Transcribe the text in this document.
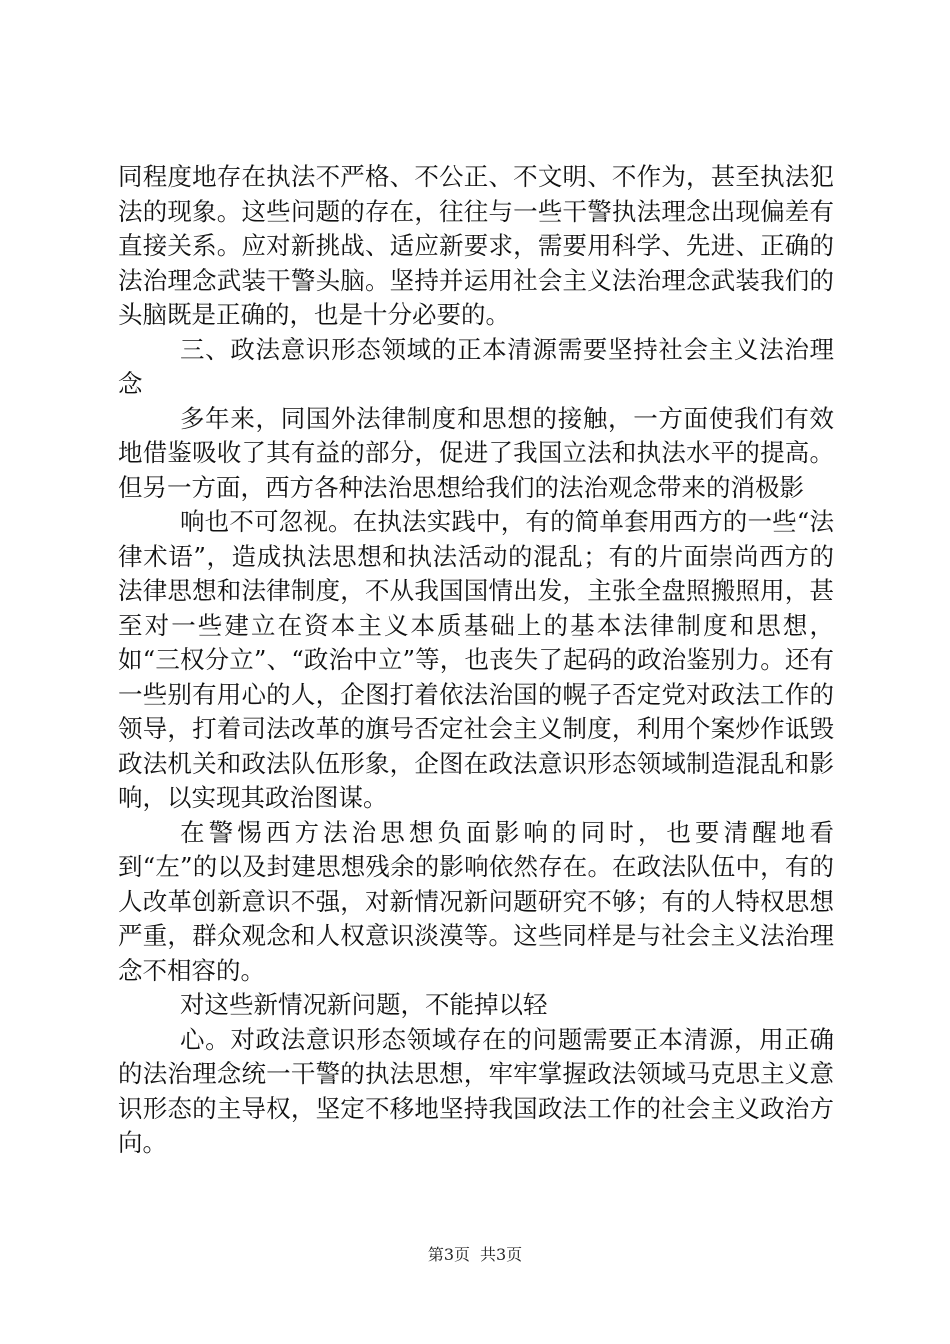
同程度地存在执法不严格、不公正、不文明、不作为，甚至执法犯法的现象。这些问题的存在，往往与一些干警执法理念出现偏差有直接关系。应对新挑战、适应新要求，需要用科学、先进、正确的法治理念武装干警头脑。坚持并运用社会主义法治理念武装我们的头脑既是正确的，也是十分必要的。

三、政法意识形态领域的正本清源需要坚持社会主义法治理念

多年来，同国外法律制度和思想的接触，一方面使我们有效地借鉴吸收了其有益的部分，促进了我国立法和执法水平的提高。但另一方面，西方各种法治思想给我们的法治观念带来的消极影

响也不可忽视。在执法实践中，有的简单套用西方的一些“法律术语”，造成执法思想和执法活动的混乱；有的片面崇尚西方的法律思想和法律制度，不从我国国情出发，主张全盘照搬照用，甚至对一些建立在资本主义本质基础上的基本法律制度和思想，如“三权分立”、“政治中立”等，也丧失了起码的政治鉴别力。还有一些别有用心的人，企图打着依法治国的幌子否定党对政法工作的领导，打着司法改革的旗号否定社会主义制度，利用个案炒作诋毁政法机关和政法队伍形象，企图在政法意识形态领域制造混乱和影响，以实现其政治图谋。

在警惕西方法治思想负面影响的同时，也要清醒地看到“左”的以及封建思想残余的影响依然存在。在政法队伍中，有的人改革创新意识不强，对新情况新问题研究不够；有的人特权思想严重，群众观念和人权意识淡漠等。这些同样是与社会主义法治理念不相容的。

对这些新情况新问题，不能掉以轻

心。对政法意识形态领域存在的问题需要正本清源，用正确的法治理念统一干警的执法思想，牢牢掌握政法领域马克思主义意识形态的主导权，坚定不移地坚持我国政法工作的社会主义政治方向。

第3页 共3页
